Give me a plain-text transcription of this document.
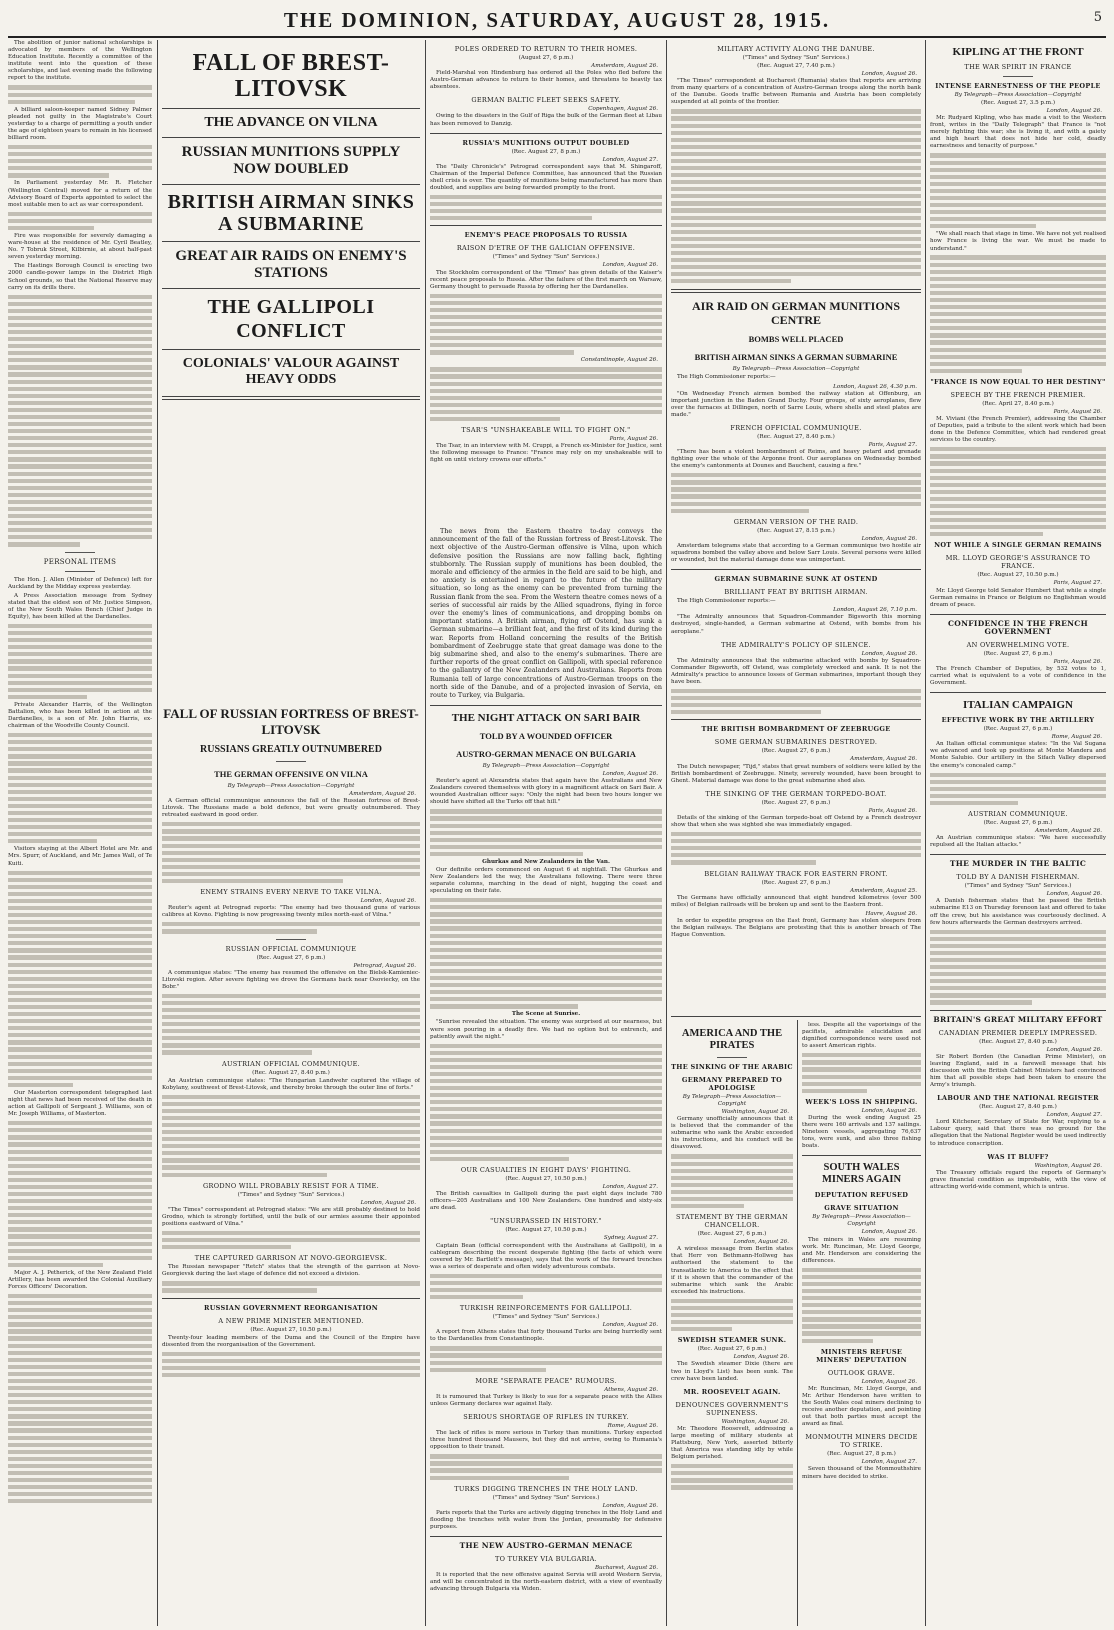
THE DOMINION, SATURDAY, AUGUST 28, 1915.	5

The abolition of junior national scholarships is advocated by members of the Wellington Education Institute. Recently a committee of the institute went into the question of these scholarships, and last evening made the following report to the institute.

A billiard saloon-keeper named Sidney Palmer pleaded not guilty in the Magistrate's Court yesterday to a charge of permitting a youth under the age of eighteen years to remain in his licensed billiard room.

In Parliament yesterday Mr. R. Fletcher (Wellington Central) moved for a return of the Advisory Board of Experts appointed to select the most suitable men to act as war correspondent.

Fire was responsible for severely damaging a ware-house at the residence of Mr. Cyril Beatley, No. 7 Tobruk Street, Kilbirnie, at about half-past seven yesterday morning.

The Hastings Borough Council is erecting two 2000 candle-power lamps in the District High School grounds, so that the National Reserve may carry on its drills there.

PERSONAL ITEMS

The Hon. J. Allen (Minister of Defence) left for Auckland by the Midday express yesterday.

A Press Association message from Sydney stated that the eldest son of Mr. Justice Simpson, of the New South Wales Bench (Chief Judge in Equity), has been killed at the Dardanelles.

Private Alexander Harris, of the Wellington Battalion, who has been killed in action at the Dardanelles, is a son of Mr. John Harris, ex-chairman of the Woodville County Council.

Visitors staying at the Albert Hotel are Mr. and Mrs. Spurr, of Auckland, and Mr. James Wall, of Te Kuiti.

Our Masterton correspondent telegraphed last night that news had been received of the death in action at Gallipoli of Sergeant J. Williams, son of Mr. Joseph Williams, of Masterton.

Major A. J. Petherick, of the New Zealand Field Artillery, has been awarded the Colonial Auxiliary Forces Officers' Decoration.

FALL OF BREST-LITOVSK
THE ADVANCE ON VILNA
RUSSIAN MUNITIONS SUPPLY NOW DOUBLED
BRITISH AIRMAN SINKS A SUBMARINE
GREAT AIR RAIDS ON ENEMY'S STATIONS
THE GALLIPOLI CONFLICT
COLONIALS' VALOUR AGAINST HEAVY ODDS

The news from the Eastern theatre to-day conveys the announcement of the fall of the Russian fortress of Brest-Litovsk. The next objective of the Austro-German offensive is Vilna, upon which defensive position the Russians are now falling back, fighting stubbornly. The Russian supply of munitions has been doubled, the morale and efficiency of the armies in the field are said to be high, and no anxiety is entertained in regard to the future of the military situation, so long as the enemy can be prevented from turning the Russian flank from the sea. From the Western theatre comes news of a series of successful air raids by the Allied squadrons, flying in force over the enemy's lines of communications, and dropping bombs on important stations. A British airman, flying off Ostend, has sunk a German submarine—a brilliant feat, and the first of its kind during the war. Reports from Holland concerning the results of the British bombardment of Zeebrugge state that great damage was done to the big submarine shed, and also to the enemy's submarines. There are further reports of the great conflict on Gallipoli, with special reference to the gallantry of the New Zealanders and Australians. Reports from Rumania tell of large concentrations of Austro-German troops on the north side of the Danube, and of a projected invasion of Servia, en route to Turkey, via Bulgaria.

FALL OF RUSSIAN FORTRESS OF BREST-LITOVSK
RUSSIANS GREATLY OUTNUMBERED
THE GERMAN OFFENSIVE ON VILNA
By Telegraph—Press Association—Copyright
Amsterdam, August 26.

A German official communique announces the fall of the Russian fortress of Brest-Litovsk. The Russians made a bold defence, but were greatly outnumbered. They retreated eastward in good order.

ENEMY STRAINS EVERY NERVE TO TAKE VILNA.
London, August 26.

Reuter's agent at Petrograd reports: "The enemy had two thousand guns of various calibres at Kovno. Fighting is now progressing twenty miles north-east of Vilna."

RUSSIAN OFFICIAL COMMUNIQUE
(Rec. August 27, 6 p.m.)
Petrograd, August 26.

A communique states: "The enemy has resumed the offensive on the Bielsk-Kamieniec-Litovski region. After severe fighting we drove the Germans back near Osoviecky, on the Bobr."

AUSTRIAN OFFICIAL COMMUNIQUE.
(Rec. August 27, 8.40 p.m.)

An Austrian communique states: "The Hungarian Landwehr captured the village of Kobylany, southwest of Brest-Litovsk, and thereby broke through the outer line of forts."

GRODNO WILL PROBABLY RESIST FOR A TIME.
("Times" and Sydney "Sun" Services.)
London, August 26.

"The Times" correspondent at Petrograd states: "We are still probably destined to hold Grodno, which is strongly fortified, until the bulk of our armies assume their appointed positions eastward of Vilna."

THE CAPTURED GARRISON AT NOVO-GEORGIEVSK.

The Russian newspaper "Retch" states that the strength of the garrison at Novo-Georgievsk during the last stage of defence did not exceed a division.

RUSSIAN GOVERNMENT REORGANISATION
A NEW PRIME MINISTER MENTIONED.
(Rec. August 27, 10.50 p.m.)

Twenty-four leading members of the Duma and the Council of the Empire have dissented from the reorganisation of the Government.

POLES ORDERED TO RETURN TO THEIR HOMES.
(August 27, 6 p.m.)
Amsterdam, August 26.

Field-Marshal von Hindenburg has ordered all the Poles who fled before the Austro-German advance to return to their homes, and threatens to heavily tax absentees.

GERMAN BALTIC FLEET SEEKS SAFETY.
Copenhagen, August 26.

Owing to the disasters in the Gulf of Riga the bulk of the German fleet at Libau has been removed to Danzig.

RUSSIA'S MUNITIONS OUTPUT DOUBLED
(Rec. August 27, 8 p.m.)
London, August 27.

The "Daily Chronicle's" Petrograd correspondent says that M. Shingaroff, Chairman of the Imperial Defence Committee, has announced that the Russian shell crisis is over. The quantity of munitions being manufactured has more than doubled, and supplies are being forwarded promptly to the front.

ENEMY'S PEACE PROPOSALS TO RUSSIA
RAISON D'ETRE OF THE GALICIAN OFFENSIVE.
("Times" and Sydney "Sun" Services.)
London, August 26.

The Stockholm correspondent of the "Times" has given details of the Kaiser's recent peace proposals to Russia. After the failure of the first march on Warsaw, Germany thought to persuade Russia by offering her the Dardanelles.

Constantinople, August 26.
TSAR'S "UNSHAKEABLE WILL TO FIGHT ON."
Paris, August 26.

The Tsar, in an interview with M. Cruppi, a French ex-Minister for Justice, sent the following message to France: "France may rely on my unshakeable will to fight on until victory crowns our efforts."

THE NIGHT ATTACK ON SARI BAIR
TOLD BY A WOUNDED OFFICER
AUSTRO-GERMAN MENACE ON BULGARIA
By Telegraph—Press Association—Copyright
London, August 26.

Reuter's agent at Alexandria states that again have the Australians and New Zealanders covered themselves with glory in a magnificent attack on Sari Bair. A wounded Australian officer says: "Only the night had been two hours longer we should have shifted all the Turks off that hill."

Ghurkas and New Zealanders in the Van.

Our definite orders commenced on August 6 at nightfall. The Ghurkas and New Zealanders led the way, the Australians following. There were three separate columns, marching in the dead of night, hugging the coast and speculating on their fate.

The Scene at Sunrise.

"Sunrise revealed the situation. The enemy was surprised at our nearness, but were soon pouring in a deadly fire. We had no option but to entrench, and patiently await the night."

OUR CASUALTIES IN EIGHT DAYS' FIGHTING.
(Rec. August 27, 10.50 p.m.)
London, August 27.

The British casualties in Gallipoli during the past eight days include 780 officers—205 Australians and 100 New Zealanders. One hundred and sixty-six are dead.

"UNSURPASSED IN HISTORY."
(Rec. August 27, 10.50 p.m.)
Sydney, August 27.

Captain Bean (official correspondent with the Australians at Gallipoli), in a cablegram describing the recent desperate fighting (the facts of which were covered by Mr. Bartlett's message), says that the work of the forward trenches was a series of desperate and often widely adventurous combats.

TURKISH REINFORCEMENTS FOR GALLIPOLI.
("Times" and Sydney "Sun" Services.)
London, August 26.

A report from Athens states that forty thousand Turks are being hurriedly sent to the Dardanelles from Constantinople.

MORE "SEPARATE PEACE" RUMOURS.
Athens, August 26.

It is rumoured that Turkey is likely to sue for a separate peace with the Allies unless Germany declares war against Italy.

SERIOUS SHORTAGE OF RIFLES IN TURKEY.
Rome, August 26.

The lack of rifles is more serious in Turkey than munitions. Turkey expected three hundred thousand Mausers, but they did not arrive, owing to Rumania's opposition to their transit.

TURKS DIGGING TRENCHES IN THE HOLY LAND.
("Times" and Sydney "Sun" Services.)
London, August 26.

Paris reports that the Turks are actively digging trenches in the Holy Land and flooding the trenches with water from the Jordan, presumably for defensive purposes.

THE NEW AUSTRO-GERMAN MENACE
TO TURKEY VIA BULGARIA.
Bucharest, August 26.

It is reported that the new offensive against Servia will avoid Western Servia, and will be concentrated in the north-eastern district, with a view of eventually advancing through Bulgaria via Widen.

MILITARY ACTIVITY ALONG THE DANUBE.
("Times" and Sydney "Sun" Services.)
(Rec. August 27, 7.40 p.m.)
London, August 26.

"The Times" correspondent at Bucharest (Rumania) states that reports are arriving from many quarters of a concentration of Austro-German troops along the north bank of the Danube. Goods traffic between Rumania and Austria has been completely suspended at all points of the frontier.

AIR RAID ON GERMAN MUNITIONS CENTRE
BOMBS WELL PLACED
BRITISH AIRMAN SINKS A GERMAN SUBMARINE
By Telegraph—Press Association—Copyright

The High Commissioner reports:—

London, August 26, 4.30 p.m.

"On Wednesday French airmen bombed the railway station at Offenburg, an important junction in the Baden Grand Duchy. Four groups, of sixty aeroplanes, flew over the furnaces at Dillingen, north of Sarre Louis, where shells and steel plates are made."

FRENCH OFFICIAL COMMUNIQUE.
(Rec. August 27, 8.40 p.m.)
Paris, August 27.

"There has been a violent bombardment of Reims, and heavy petard and grenade fighting over the whole of the Argonne front. Our aeroplanes on Wednesday bombed the enemy's cantonments at Dounes and Bauchent, causing a fire."

GERMAN VERSION OF THE RAID.
(Rec. August 27, 8.15 p.m.)
London, August 26.

Amsterdam telegrams state that according to a German communique two hostile air squadrons bombed the valley above and below Sarr Louis. Several persons were killed or wounded, but the material damage done was unimportant.

GERMAN SUBMARINE SUNK AT OSTEND
BRILLIANT FEAT BY BRITISH AIRMAN.

The High Commissioner reports:—

London, August 26, 7.10 p.m.

"The Admiralty announces that Squadron-Commander Bigsworth this morning destroyed, single-handed, a German submarine at Ostend, with bombs from his aeroplane."

THE ADMIRALTY'S POLICY OF SILENCE.
London, August 26.

The Admiralty announces that the submarine attacked with bombs by Squadron-Commander Bigsworth, off Ostend, was completely wrecked and sank. It is not the Admiralty's practice to announce losses of German submarines, important though they have been.

THE BRITISH BOMBARDMENT OF ZEEBRUGGE
SOME GERMAN SUBMARINES DESTROYED.
(Rec. August 27, 6 p.m.)
Amsterdam, August 26.

The Dutch newspaper, "Tijd," states that great numbers of soldiers were killed by the British bombardment of Zeebrugge. Ninety, severely wounded, have been brought to Ghent. Material damage was done to the great submarine shed also.

THE SINKING OF THE GERMAN TORPEDO-BOAT.
(Rec. August 27, 6 p.m.)
Paris, August 26.

Details of the sinking of the German torpedo-boat off Ostend by a French destroyer show that when she was sighted she was immediately engaged.

BELGIAN RAILWAY TRACK FOR EASTERN FRONT.
(Rec. August 27, 6 p.m.)
Amsterdam, August 25.

The Germans have officially announced that eight hundred kilometres (over 500 miles) of Belgian railroads will be broken up and sent to the Eastern front.

Havre, August 26.

In order to expedite progress on the East front, Germany has stolen sleepers from the Belgian railways. The Belgians are protesting that this is another breach of The Hague Convention.

AMERICA AND THE PIRATES
THE SINKING OF THE ARABIC
GERMANY PREPARED TO APOLOGISE
By Telegraph—Press Association—Copyright
Washington, August 26.

Germany unofficially announces that it is believed that the commander of the submarine who sank the Arabic exceeded his instructions, and his conduct will be disavowed.

STATEMENT BY THE GERMAN CHANCELLOR.
(Rec. August 27, 6 p.m.)
London, August 26.

A wireless message from Berlin states that Herr von Bethmann-Hollweg has authorised the statement to the transatlantic to America to the effect that if it is shown that the commander of the submarine which sank the Arabic exceeded his instructions.

SWEDISH STEAMER SUNK.
(Rec. August 27, 6 p.m.)
London, August 26.

The Swedish steamer Dixie (there are two in Lloyd's List) has been sunk. The crew have been landed.

MR. ROOSEVELT AGAIN.
DENOUNCES GOVERNMENT'S SUPINENESS.
Washington, August 26.

Mr. Theodore Roosevelt, addressing a large meeting of military students at Plattsburg, New York, asserted bitterly that America was standing idly by while Belgium perished.

less. Despite all the vaporisings of the pacifists, admirable elucidation and dignified correspondence were used not to assert American rights.

WEEK'S LOSS IN SHIPPING.
London, August 26.

During the week ending August 25 there were 160 arrivals and 137 sailings. Nineteen vessels, aggregating 76,637 tons, were sunk, and also three fishing boats.

SOUTH WALES MINERS AGAIN
DEPUTATION REFUSED
GRAVE SITUATION
By Telegraph—Press Association—Copyright
London, August 26.

The miners in Wales are resuming work. Mr. Runciman, Mr. Lloyd George, and Mr. Henderson are considering the differences.

MINISTERS REFUSE MINERS' DEPUTATION
OUTLOOK GRAVE.
London, August 26.

Mr. Runciman, Mr. Lloyd George, and Mr. Arthur Henderson have written to the South Wales coal miners declining to receive another deputation, and pointing out that both parties must accept the award as final.

MONMOUTH MINERS DECIDE TO STRIKE.
(Rec. August 27, 8 p.m.)
London, August 27.

Seven thousand of the Monmouthshire miners have decided to strike.

KIPLING AT THE FRONT
THE WAR SPIRIT IN FRANCE
INTENSE EARNESTNESS OF THE PEOPLE
By Telegraph—Press Association—Copyright
(Rec. August 27, 3.5 p.m.)
London, August 26.

Mr. Rudyard Kipling, who has made a visit to the Western front, writes in the "Daily Telegraph" that France is "not merely fighting this war; she is living it, and with a gaiety and high heart that does not hide her cold, deadly earnestness and tenacity of purpose."

"We shall reach that stage in time. We have not yet realised how France is living the war. We must be made to understand."

"FRANCE IS NOW EQUAL TO HER DESTINY"
SPEECH BY THE FRENCH PREMIER.
(Rec. April 27, 8.40 p.m.)
Paris, August 26.

M. Viviani (the French Premier), addressing the Chamber of Deputies, paid a tribute to the silent work which had been done in the Defence Committee, which had rendered great services to the country.

NOT WHILE A SINGLE GERMAN REMAINS
MR. LLOYD GEORGE'S ASSURANCE TO FRANCE.
(Rec. August 27, 10.50 p.m.)
Paris, August 27.

Mr. Lloyd George told Senator Humbert that while a single German remains in France or Belgium no Englishman would dream of peace.

CONFIDENCE IN THE FRENCH GOVERNMENT
AN OVERWHELMING VOTE.
(Rec. August 27, 6 p.m.)
Paris, August 26.

The French Chamber of Deputies, by 532 votes to 1, carried what is equivalent to a vote of confidence in the Government.

ITALIAN CAMPAIGN
EFFECTIVE WORK BY THE ARTILLERY
(Rec. August 27, 6 p.m.)
Rome, August 26.

An Italian official communique states: "In the Val Sugana we advanced and took up positions at Monte Mandera and Monte Salubio. Our artillery in the Sifach Valley dispersed the enemy's concealed camp."

AUSTRIAN COMMUNIQUE.
(Rec. August 27, 6 p.m.)
Amsterdam, August 26.

An Austrian communique states: "We have successfully repulsed all the Italian attacks."

THE MURDER IN THE BALTIC
TOLD BY A DANISH FISHERMAN.
("Times" and Sydney "Sun" Services.)
London, August 26.

A Danish fisherman states that he passed the British submarine E13 on Thursday forenoon last and offered to take off the crew, but his assistance was courteously declined. A few hours afterwards the German destroyers arrived.

BRITAIN'S GREAT MILITARY EFFORT
CANADIAN PREMIER DEEPLY IMPRESSED.
(Rec. August 27, 8.40 p.m.)
London, August 26.

Sir Robert Borden (the Canadian Prime Minister), on leaving England, said in a farewell message that his discussion with the British Cabinet Ministers had convinced him that all possible steps had been taken to ensure the Army's triumph.

LABOUR AND THE NATIONAL REGISTER
(Rec. August 27, 8.40 p.m.)
London, August 27.

Lord Kitchener, Secretary of State for War, replying to a Labour query, said that there was no ground for the allegation that the National Register would be used indirectly to introduce conscription.

WAS IT BLUFF?
Washington, August 26.

The Treasury officials regard the reports of Germany's grave financial condition as improbable, with the view of attracting world-wide comment, which is untrue.
